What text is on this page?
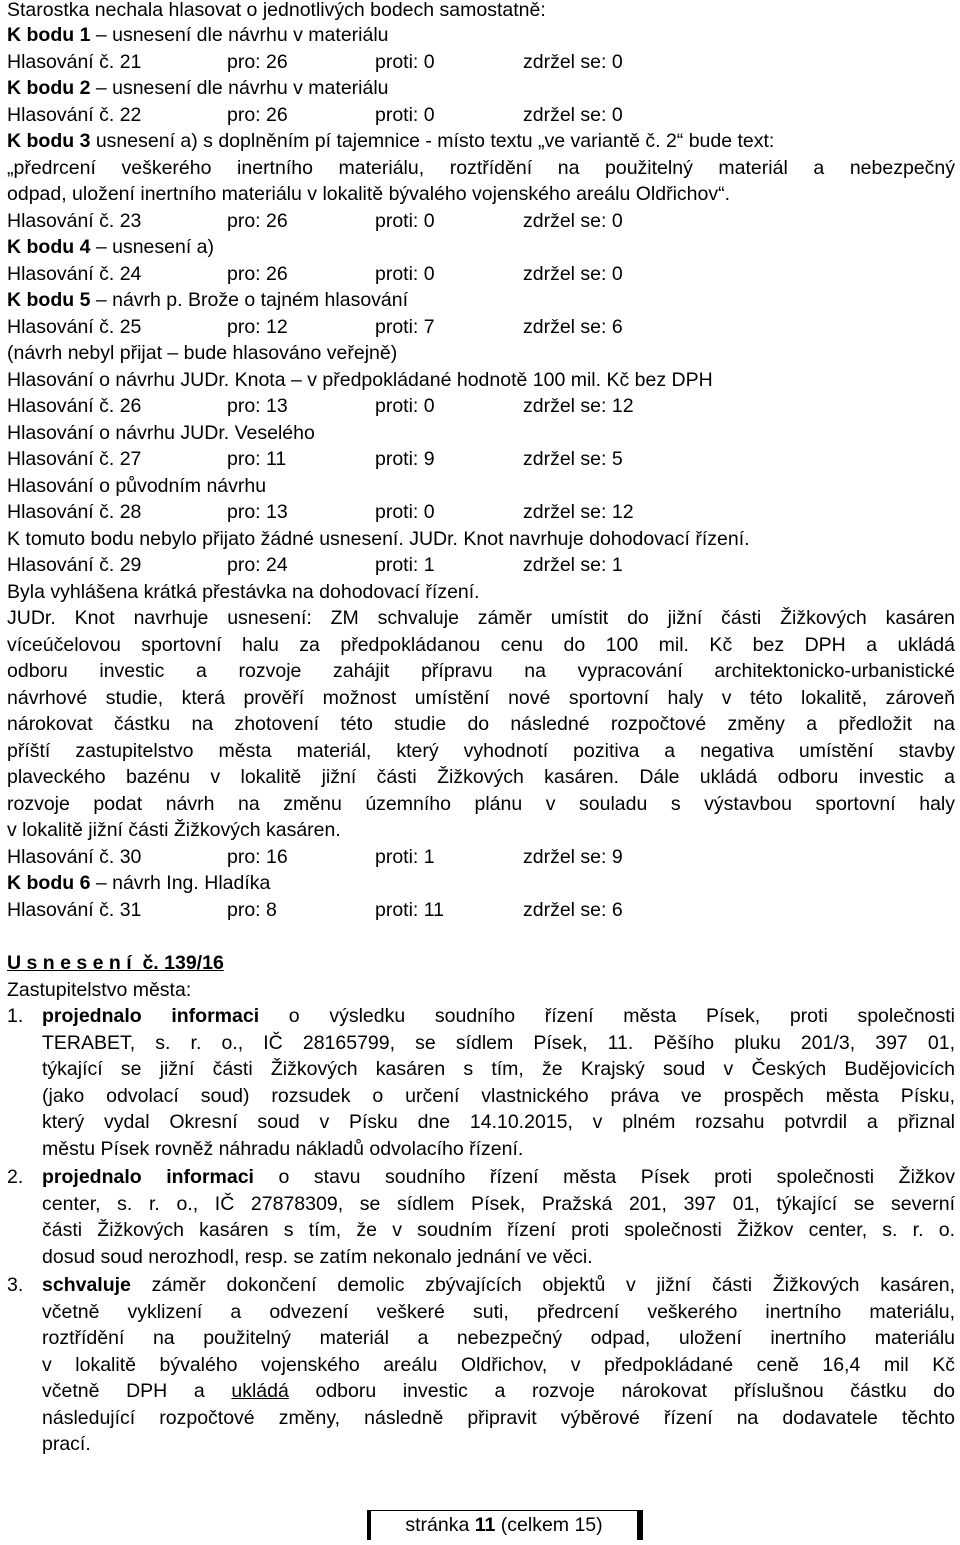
Starostka nechala hlasovat o jednotlivých bodech samostatně:
K bodu 1 – usnesení dle návrhu v materiálu
Hlasování č. 21	pro: 26	proti: 0	zdržel se: 0
K bodu 2 – usnesení dle návrhu v materiálu
Hlasování č. 22	pro: 26	proti: 0	zdržel se: 0
K bodu 3 usnesení a) s doplněním pí tajemnice - místo textu „ve variantě č. 2“ bude text:
„předrcení veškerého inertního materiálu, roztřídění na použitelný materiál a nebezpečný
odpad, uložení inertního materiálu v lokalitě bývalého vojenského areálu Oldřichov“.
Hlasování č. 23	pro: 26	proti: 0	zdržel se: 0
K bodu 4 – usnesení a)
Hlasování č. 24	pro: 26	proti: 0	zdržel se: 0
K bodu 5 – návrh p. Brože o tajném hlasování
Hlasování č. 25	pro: 12	proti: 7	zdržel se: 6
(návrh nebyl přijat – bude hlasováno veřejně)
Hlasování o návrhu JUDr. Knota – v předpokládané hodnotě 100 mil. Kč bez DPH
Hlasování č. 26	pro: 13	proti: 0	zdržel se: 12
Hlasování o návrhu JUDr. Veselého
Hlasování č. 27	pro: 11	proti: 9	zdržel se: 5
Hlasování o původním návrhu
Hlasování č. 28	pro: 13	proti: 0	zdržel se: 12
K tomuto bodu nebylo přijato žádné usnesení. JUDr. Knot navrhuje dohodovací řízení.
Hlasování č. 29	pro: 24	proti: 1	zdržel se: 1
Byla vyhlášena krátká přestávka na dohodovací řízení.
JUDr. Knot navrhuje usnesení: ZM schvaluje záměr umístit do jižní části Žižkových kasáren
víceúčelovou sportovní halu za předpokládanou cenu do 100 mil. Kč bez DPH a ukládá
odboru investic a rozvoje zahájit přípravu na vypracování architektonicko-urbanistické
návrhové studie, která prověří možnost umístění nové sportovní haly v této lokalitě, zároveň
nárokovat částku na zhotovení této studie do následné rozpočtové změny a předložit na
příští zastupitelstvo města materiál, který vyhodnotí pozitiva a negativa umístění stavby
plaveckého bazénu v lokalitě jižní části Žižkových kasáren. Dále ukládá odboru investic a
rozvoje podat návrh na změnu územního plánu v souladu s výstavbou sportovní haly
v lokalitě jižní části Žižkových kasáren.
Hlasování č. 30	pro: 16	proti: 1	zdržel se: 9
K bodu 6 – návrh Ing. Hladíka
Hlasování č. 31	pro: 8	proti: 11	zdržel se: 6
U s n e s e n í  č. 139/16
Zastupitelstvo města:
1. projednalo informaci o výsledku soudního řízení města Písek, proti společnosti
TERABET, s. r. o., IČ 28165799, se sídlem Písek, 11. Pěšího pluku 201/3, 397 01,
týkající se jižní části Žižkových kasáren s tím, že Krajský soud v Českých Budějovicích
(jako odvolací soud) rozsudek o určení vlastnického práva ve prospěch města Písku,
který vydal Okresní soud v Písku dne 14.10.2015, v plném rozsahu potvrdil a přiznal
městu Písek rovněž náhradu nákladů odvolacího řízení.
2. projednalo informaci o stavu soudního řízení města Písek proti společnosti Žižkov
center, s. r. o., IČ 27878309, se sídlem Písek, Pražská 201, 397 01, týkající se severní
části Žižkových kasáren s tím, že v soudním řízení proti společnosti Žižkov center, s. r. o.
dosud soud nerozhodl, resp. se zatím nekonalo jednání ve věci.
3. schvaluje záměr dokončení demolic zbývajících objektů v jižní části Žižkových kasáren,
včetně vyklizení a odvezení veškeré suti, předrcení veškerého inertního materiálu,
roztřídění na použitelný materiál a nebezpečný odpad, uložení inertního materiálu
v lokalitě bývalého vojenského areálu Oldřichov, v předpokládané ceně 16,4 mil Kč
včetně DPH a ukládá odboru investic a rozvoje nárokovat příslušnou částku do
následující rozpočtové změny, následně připravit výběrové řízení na dodavatele těchto
prací.
stránka 11 (celkem 15)
